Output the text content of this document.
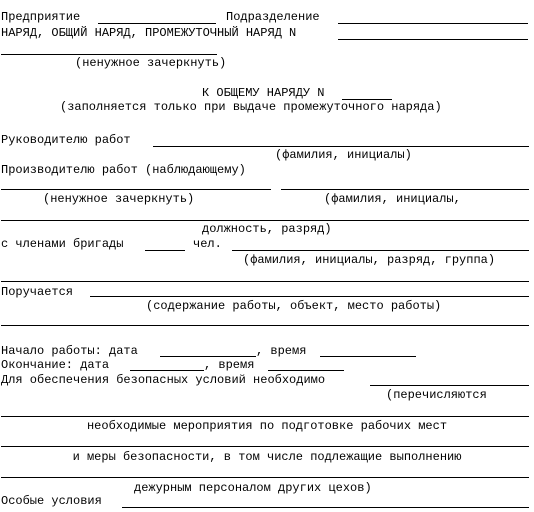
Предприятие	Подразделение
НАРЯД, ОБЩИЙ НАРЯД, ПРОМЕЖУТОЧНЫЙ НАРЯД N
(ненужное зачеркнуть)
К ОБЩЕМУ НАРЯДУ N
(заполняется только при выдаче промежуточного наряда)
Руководителю работ
(фамилия, инициалы)
Производителю работ (наблюдающему)
(ненужное зачеркнуть)	(фамилия, инициалы,
должность, разряд)
с членами бригады	чел.
(фамилия, инициалы, разряд, группа)
Поручается
(содержание работы, объект, место работы)
Начало работы: дата	, время
Окончание: дата	, время
Для обеспечения безопасных условий необходимо
(перечисляются
необходимые мероприятия по подготовке рабочих мест
и меры безопасности, в том числе подлежащие выполнению
дежурным персоналом других цехов)
Особые условия
